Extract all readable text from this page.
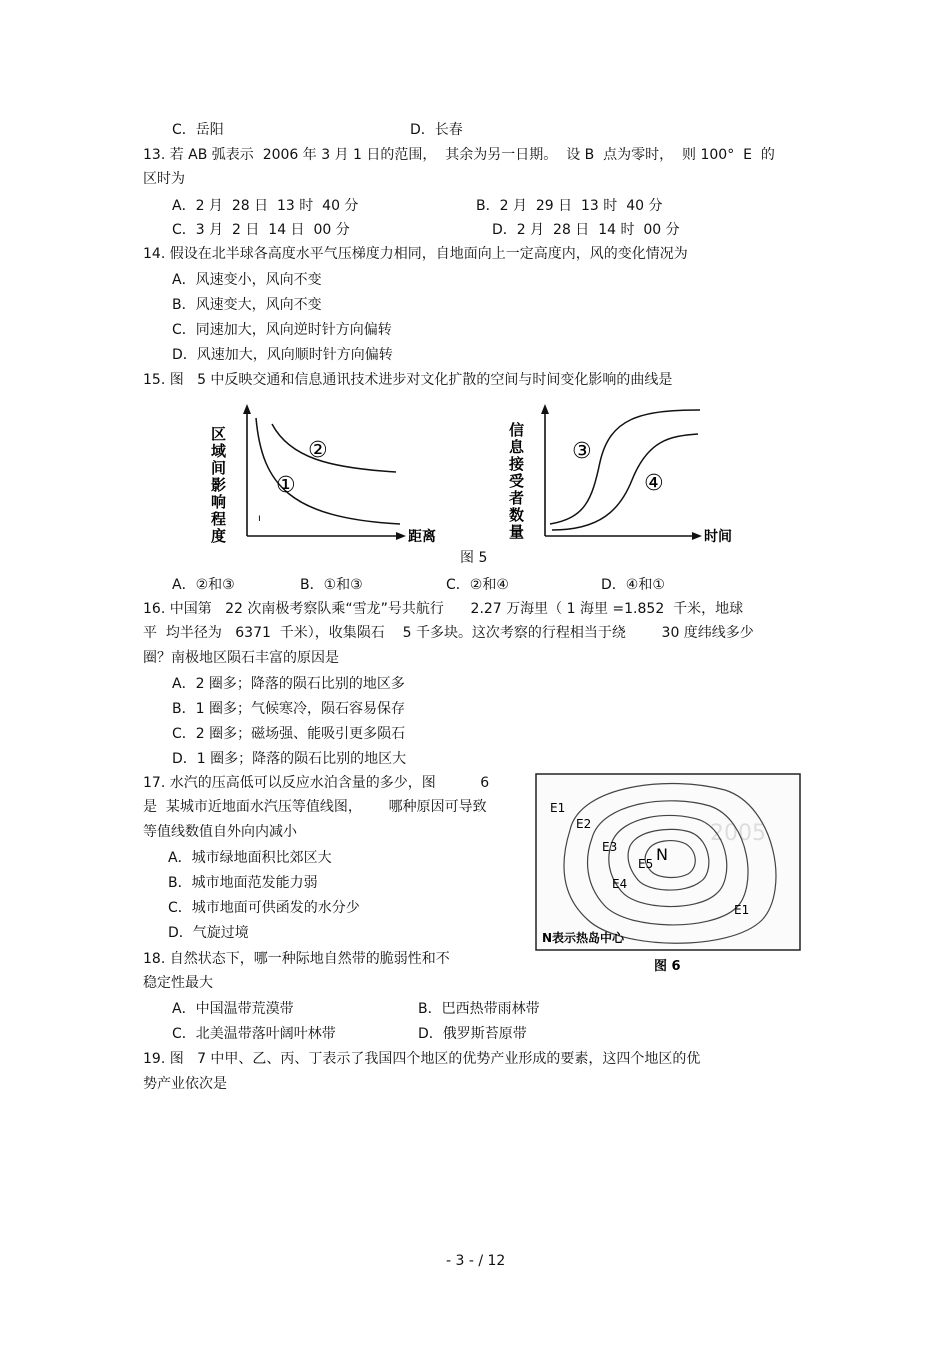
C．岳阳	D．长春
13. 若 AB 弧表示  2006 年 3 月 1 日的范围，  其余为另一日期。  设 B  点为零时，  则 100°  E  的
区时为
A．2 月  28 日  13 时  40 分	B．2 月  29 日  13 时  40 分
C．3 月  2 日  14 日  00 分	D．2 月  28 日  14 时  00 分
14. 假设在北半球各高度水平气压梯度力相同，自地面向上一定高度内，风的变化情况为
A．风速变小，风向不变
B．风速变大，风向不变
C．同速加大，风向逆时针方向偏转
D．风速加大，风向顺时针方向偏转
15. 图   5 中反映交通和信息通讯技术进步对文化扩散的空间与时间变化影响的曲线是
区域间影响程度	距离
①
②
ı	信息接受者数量	时间
③
④
图 5
A．②和③	B．①和③	C．②和④	D．④和①
16. 中国第   22 次南极考察队乘“雪龙”号共航行      2.27 万海里（ 1 海里 =1.852  千米，地球
平  均半径为   6371  千米），收集陨石    5 千多块。这次考察的行程相当于绕        30 度纬线多少
圈？南极地区陨石丰富的原因是
A．2 圈多；降落的陨石比别的地区多
B．1 圈多；气候寒冷，陨石容易保存
C．2 圈多；磁场强、能吸引更多陨石
D．1 圈多；降落的陨石比别的地区大
17. 水汽的压高低可以反应水泊含量的多少，图          6
是  某城市近地面水汽压等值线图，      哪种原因可导致
等值线数值自外向内减小
A．城市绿地面积比郊区大
B．城市地面范发能力弱
C．城市地面可供函发的水分少
D．气旋过境
2005
E1
E2
E3
E4
E5
E1
N
N表示热岛中心
图 6
18. 自然状态下，哪一种际地自然带的脆弱性和不
稳定性最大
A．中国温带荒漠带	B．巴西热带雨林带
C．北美温带落叶阔叶林带	D．俄罗斯苔原带
19. 图   7 中甲、乙、丙、丁表示了我国四个地区的优势产业形成的要素，这四个地区的优
势产业依次是
- 3 - / 12
